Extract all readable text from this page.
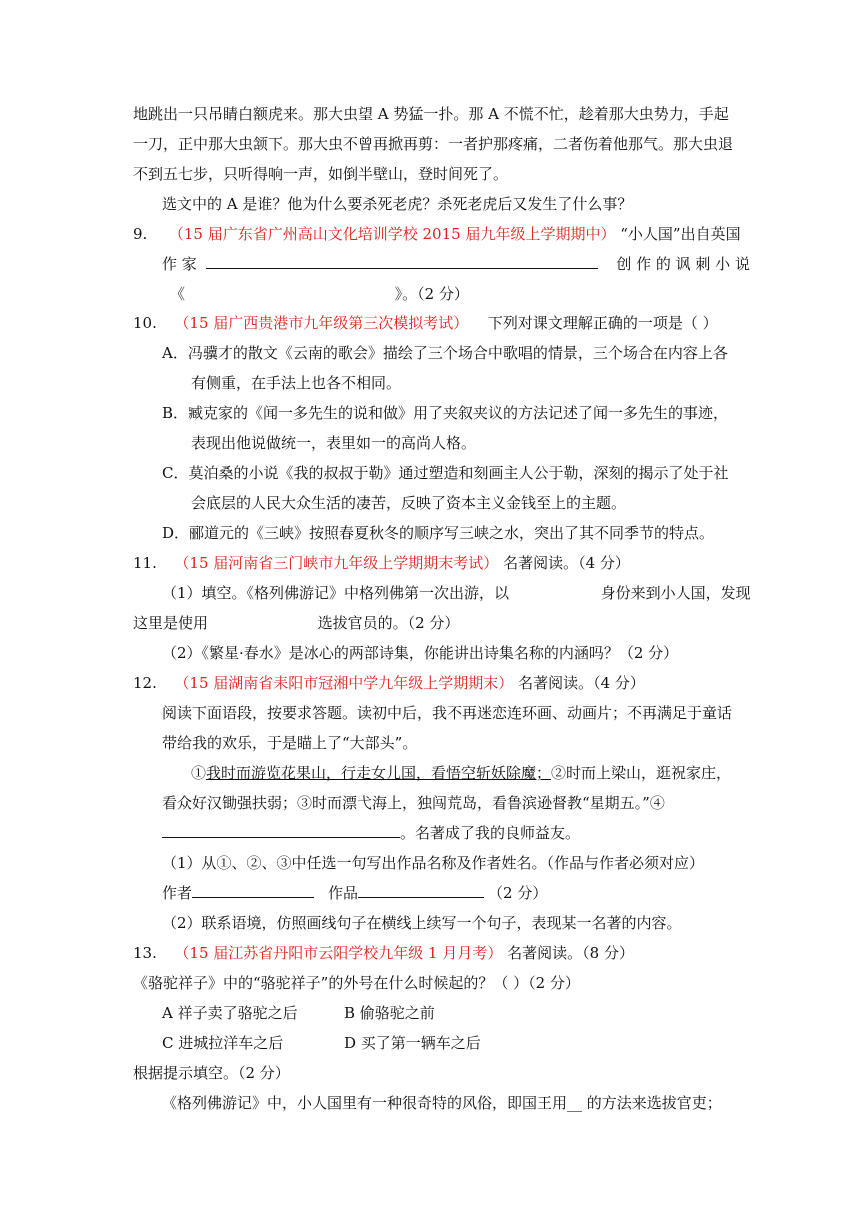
地跳出一只吊睛白额虎来。那大虫望 A 势猛一扑。那 A 不慌不忙，趁着那大虫势力，手起
一刀，正中那大虫颔下。那大虫不曾再掀再剪：一者护那疼痛，二者伤着他那气。那大虫退
不到五七步，只听得响一声，如倒半壁山，登时间死了。
选文中的 A 是谁？他为什么要杀死老虎？杀死老虎后又发生了什么事？
9. （15 届广东省广州高山文化培训学校 2015 届九年级上学期期中） “小人国”出自英国
作 家	创 作 的 讽 刺 小 说
《	》。（2 分）
10. （15 届广西贵港市九年级第三次模拟考试） 下列对课文理解正确的一项是（ ）
A．冯骥才的散文《云南的歌会》描绘了三个场合中歌唱的情景，三个场合在内容上各
有侧重，在手法上也各不相同。
B．臧克家的《闻一多先生的说和做》用了夹叙夹议的方法记述了闻一多先生的事迹，
表现出他说做统一，表里如一的高尚人格。
C．莫泊桑的小说《我的叔叔于勒》通过塑造和刻画主人公于勒，深刻的揭示了处于社
会底层的人民大众生活的凄苦，反映了资本主义金钱至上的主题。
D．郦道元的《三峡》按照春夏秋冬的顺序写三峡之水，突出了其不同季节的特点。
11. （15 届河南省三门峡市九年级上学期期末考试） 名著阅读。（4 分）
（1）填空。《格列佛游记》中格列佛第一次出游，以	身份来到小人国，发现
这里是使用	选拔官员的。（2 分）
（2）《繁星·春水》是冰心的两部诗集，你能讲出诗集名称的内涵吗？（2 分）
12. （15 届湖南省耒阳市冠湘中学九年级上学期期末） 名著阅读。（4 分）
阅读下面语段，按要求答题。读初中后，我不再迷恋连环画、动画片；不再满足于童话
带给我的欢乐，于是瞄上了“大部头”。
①我时而游览花果山，行走女儿国，看悟空斩妖除魔；②时而上梁山，逛祝家庄，
看众好汉锄强扶弱；③时而漂弋海上，独闯荒岛，看鲁滨逊督教“星期五。”④
。名著成了我的良师益友。
（1）从①、②、③中任选一句写出作品名称及作者姓名。（作品与作者必须对应）
作者	作品	（2 分）
（2）联系语境，仿照画线句子在横线上续写一个句子，表现某一名著的内容。
13. （15 届江苏省丹阳市云阳学校九年级 1 月月考） 名著阅读。（8 分）
《骆驼祥子》中的“骆驼祥子”的外号在什么时候起的？（ ）（2 分）
A 祥子卖了骆驼之后	B 偷骆驼之前
C 进城拉洋车之后	D 买了第一辆车之后
根据提示填空。（2 分）
《格列佛游记》中，小人国里有一种很奇特的风俗，即国王用__ 的方法来选拔官吏；
